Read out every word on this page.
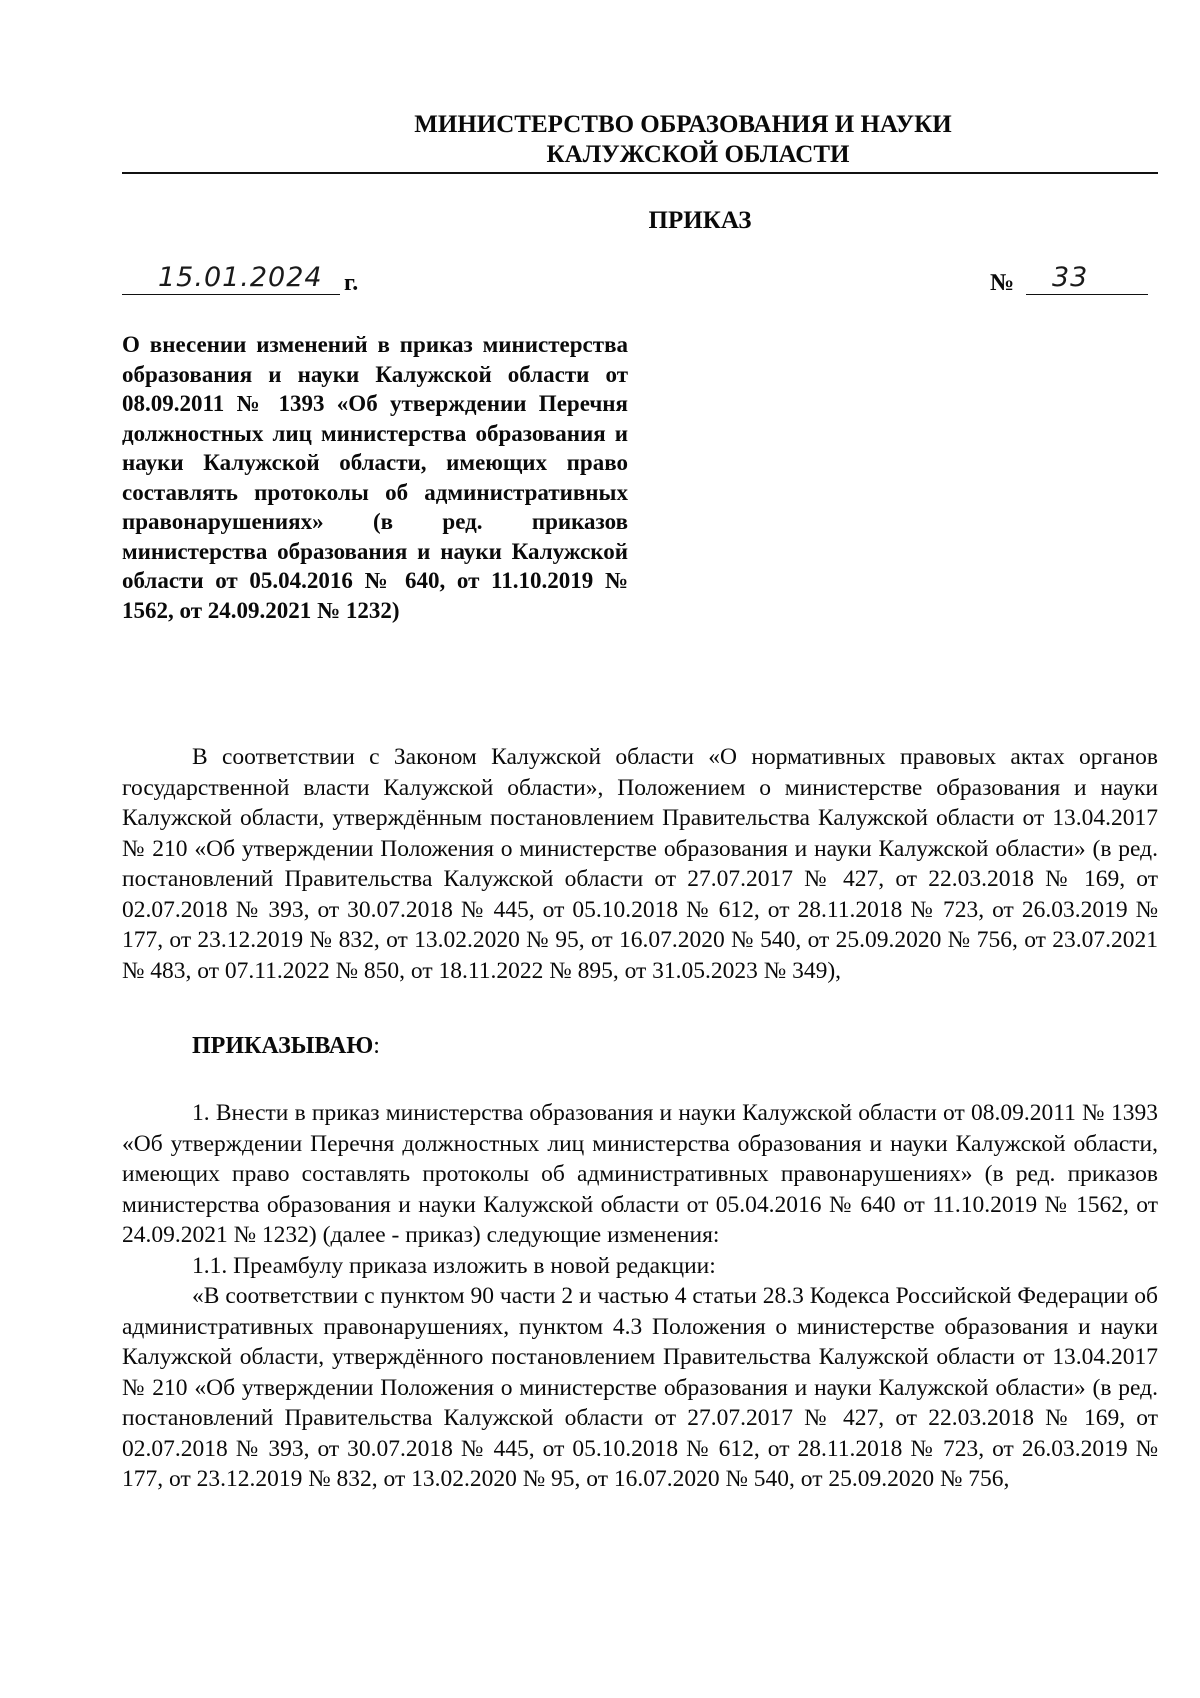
МИНИСТЕРСТВО ОБРАЗОВАНИЯ И НАУКИ
КАЛУЖСКОЙ ОБЛАСТИ
ПРИКАЗ
15.01.2024 г.	№ 33
О внесении изменений в приказ министерства образования и науки Калужской области от 08.09.2011 № 1393 «Об утверждении Перечня должностных лиц министерства образования и науки Калужской области, имеющих право составлять протоколы об административных правонарушениях» (в ред. приказов министерства образования и науки Калужской области от 05.04.2016 № 640, от 11.10.2019 № 1562, от 24.09.2021 № 1232)

В соответствии с Законом Калужской области «О нормативных правовых актах органов государственной власти Калужской области», Положением о министерстве образования и науки Калужской области, утверждённым постановлением Правительства Калужской области от 13.04.2017 № 210 «Об утверждении Положения о министерстве образования и науки Калужской области» (в ред. постановлений Правительства Калужской области от 27.07.2017 № 427, от 22.03.2018 № 169, от 02.07.2018 № 393, от 30.07.2018 № 445, от 05.10.2018 № 612, от 28.11.2018 № 723, от 26.03.2019 № 177, от 23.12.2019 № 832, от 13.02.2020 № 95, от 16.07.2020 № 540, от 25.09.2020 № 756, от 23.07.2021 № 483, от 07.11.2022 № 850, от 18.11.2022 № 895, от 31.05.2023 № 349),

ПРИКАЗЫВАЮ:

1. Внести в приказ министерства образования и науки Калужской области от 08.09.2011 № 1393 «Об утверждении Перечня должностных лиц министерства образования и науки Калужской области, имеющих право составлять протоколы об административных правонарушениях» (в ред. приказов министерства образования и науки Калужской области от 05.04.2016 № 640 от 11.10.2019 № 1562, от 24.09.2021 № 1232) (далее - приказ) следующие изменения:

1.1. Преамбулу приказа изложить в новой редакции:

«В соответствии с пунктом 90 части 2 и частью 4 статьи 28.3 Кодекса Российской Федерации об административных правонарушениях, пунктом 4.3 Положения о министерстве образования и науки Калужской области, утверждённого постановлением Правительства Калужской области от 13.04.2017 № 210 «Об утверждении Положения о министерстве образования и науки Калужской области» (в ред. постановлений Правительства Калужской области от 27.07.2017 № 427, от 22.03.2018 № 169, от 02.07.2018 № 393, от 30.07.2018 № 445, от 05.10.2018 № 612, от 28.11.2018 № 723, от 26.03.2019 № 177, от 23.12.2019 № 832, от 13.02.2020 № 95, от 16.07.2020 № 540, от 25.09.2020 № 756,
